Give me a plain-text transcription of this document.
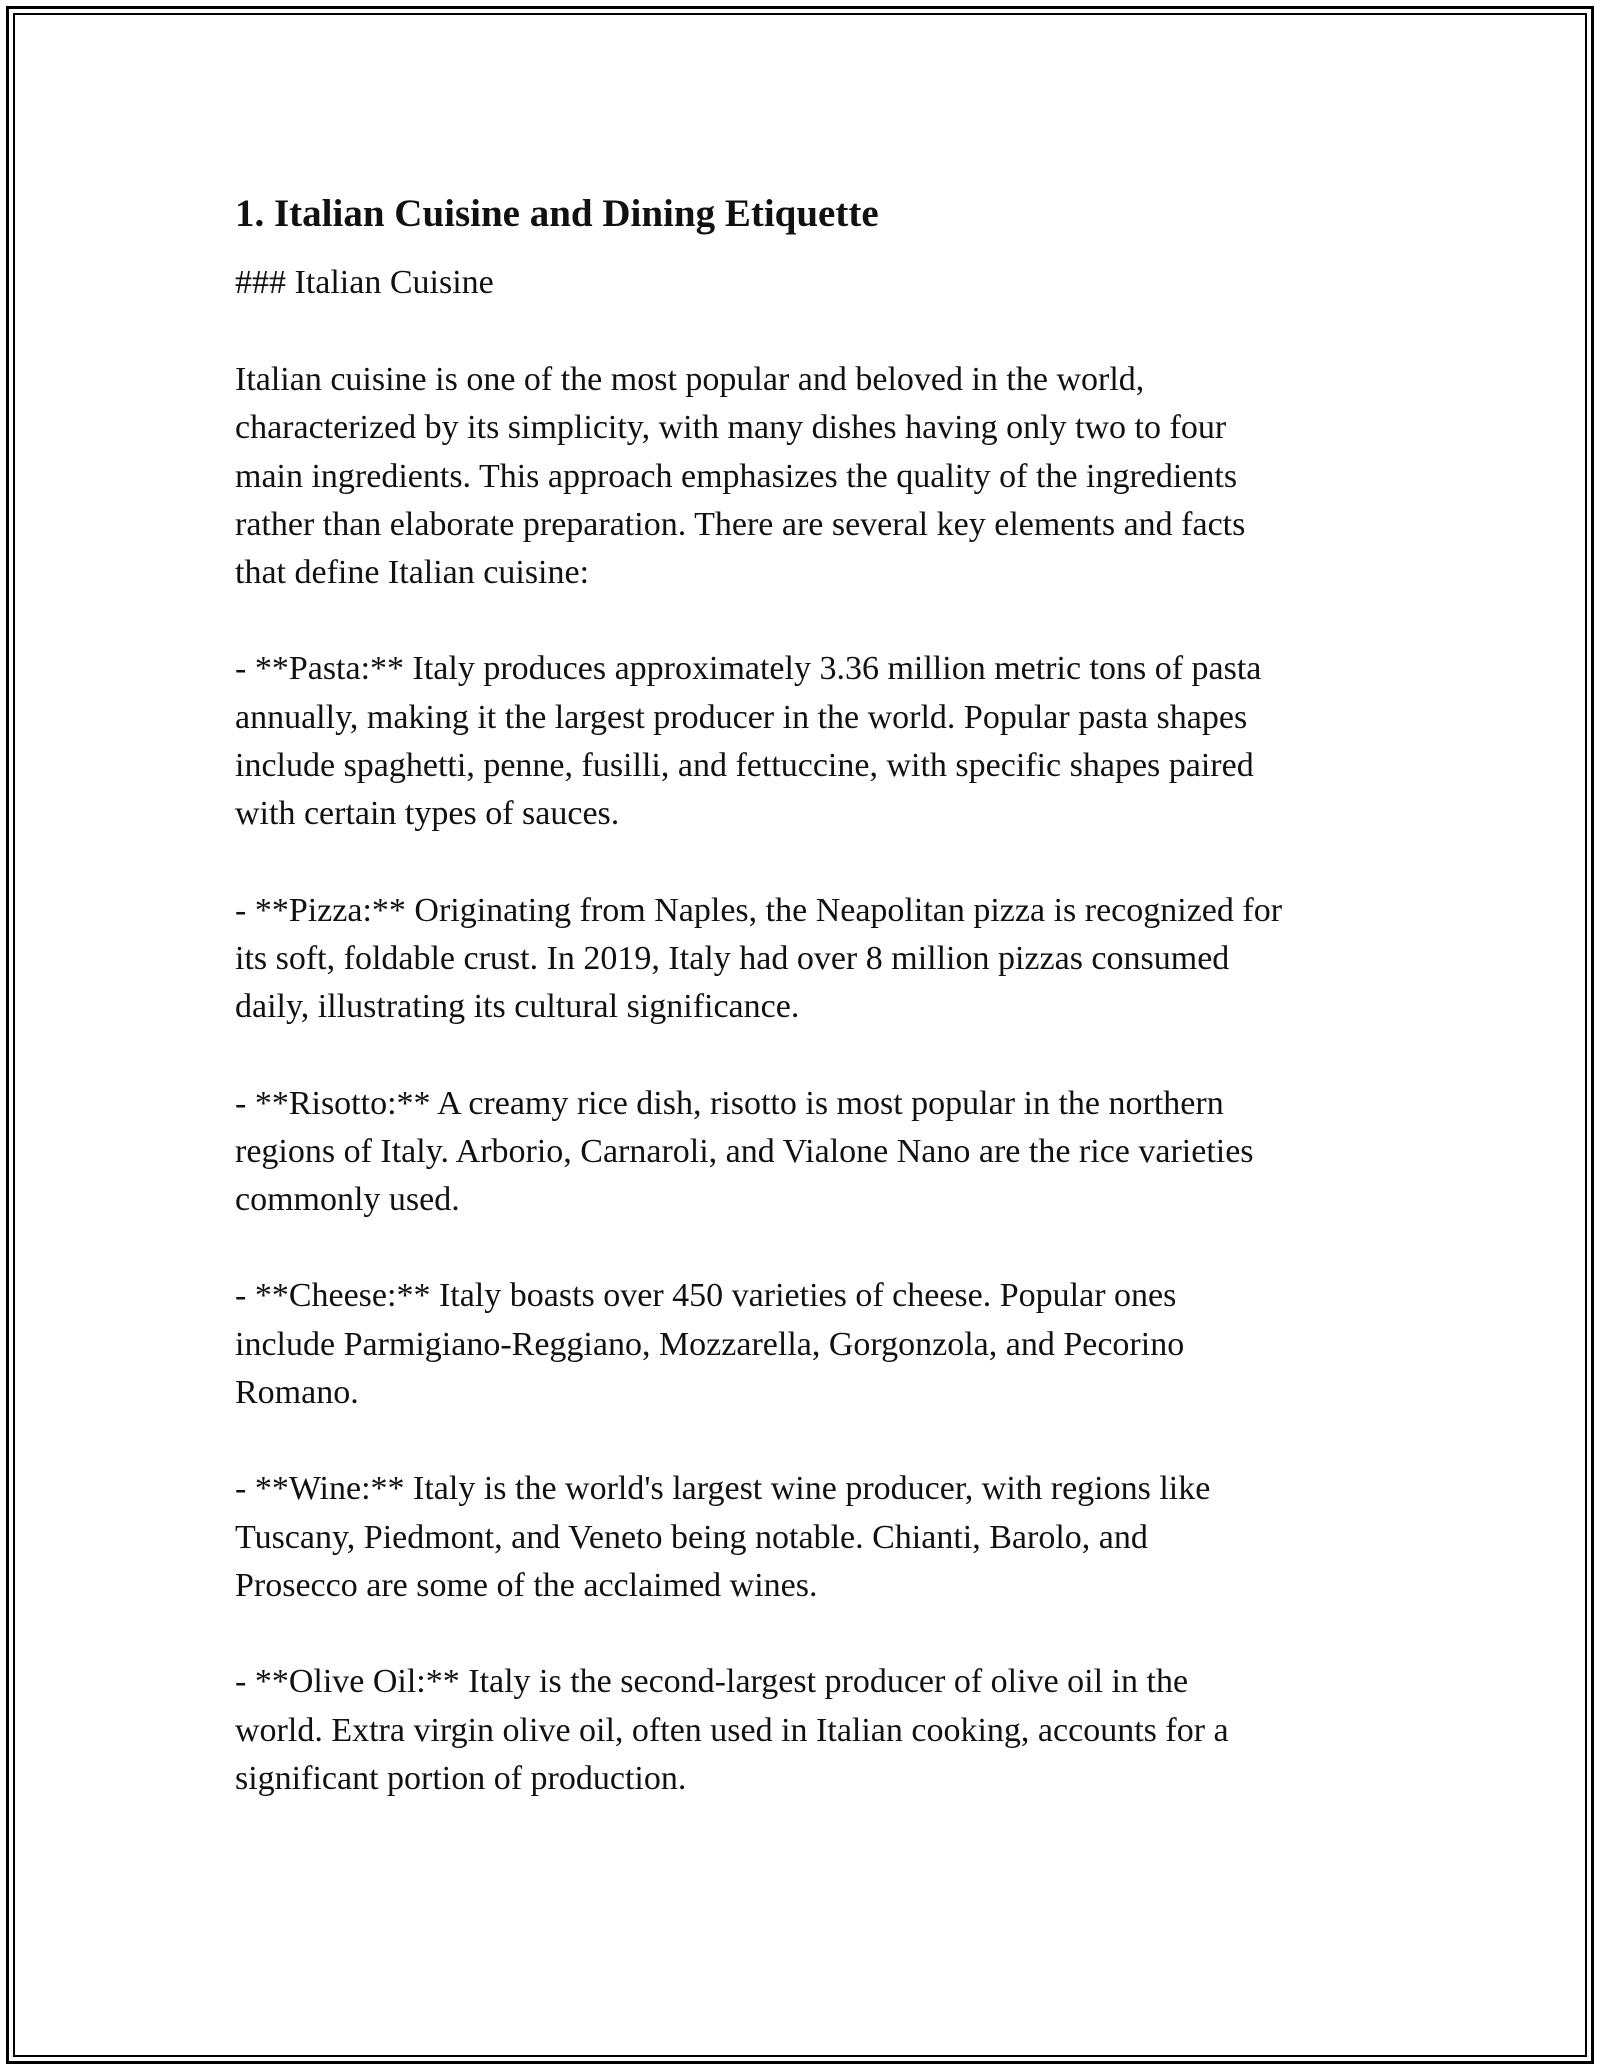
1. Italian Cuisine and Dining Etiquette
### Italian Cuisine

Italian cuisine is one of the most popular and beloved in the world,
characterized by its simplicity, with many dishes having only two to four
main ingredients. This approach emphasizes the quality of the ingredients
rather than elaborate preparation. There are several key elements and facts
that define Italian cuisine:

- **Pasta:** Italy produces approximately 3.36 million metric tons of pasta
annually, making it the largest producer in the world. Popular pasta shapes
include spaghetti, penne, fusilli, and fettuccine, with specific shapes paired
with certain types of sauces.

- **Pizza:** Originating from Naples, the Neapolitan pizza is recognized for
its soft, foldable crust. In 2019, Italy had over 8 million pizzas consumed
daily, illustrating its cultural significance.

- **Risotto:** A creamy rice dish, risotto is most popular in the northern
regions of Italy. Arborio, Carnaroli, and Vialone Nano are the rice varieties
commonly used.

- **Cheese:** Italy boasts over 450 varieties of cheese. Popular ones
include Parmigiano-Reggiano, Mozzarella, Gorgonzola, and Pecorino
Romano.

- **Wine:** Italy is the world's largest wine producer, with regions like
Tuscany, Piedmont, and Veneto being notable. Chianti, Barolo, and
Prosecco are some of the acclaimed wines.

- **Olive Oil:** Italy is the second-largest producer of olive oil in the
world. Extra virgin olive oil, often used in Italian cooking, accounts for a
significant portion of production.
